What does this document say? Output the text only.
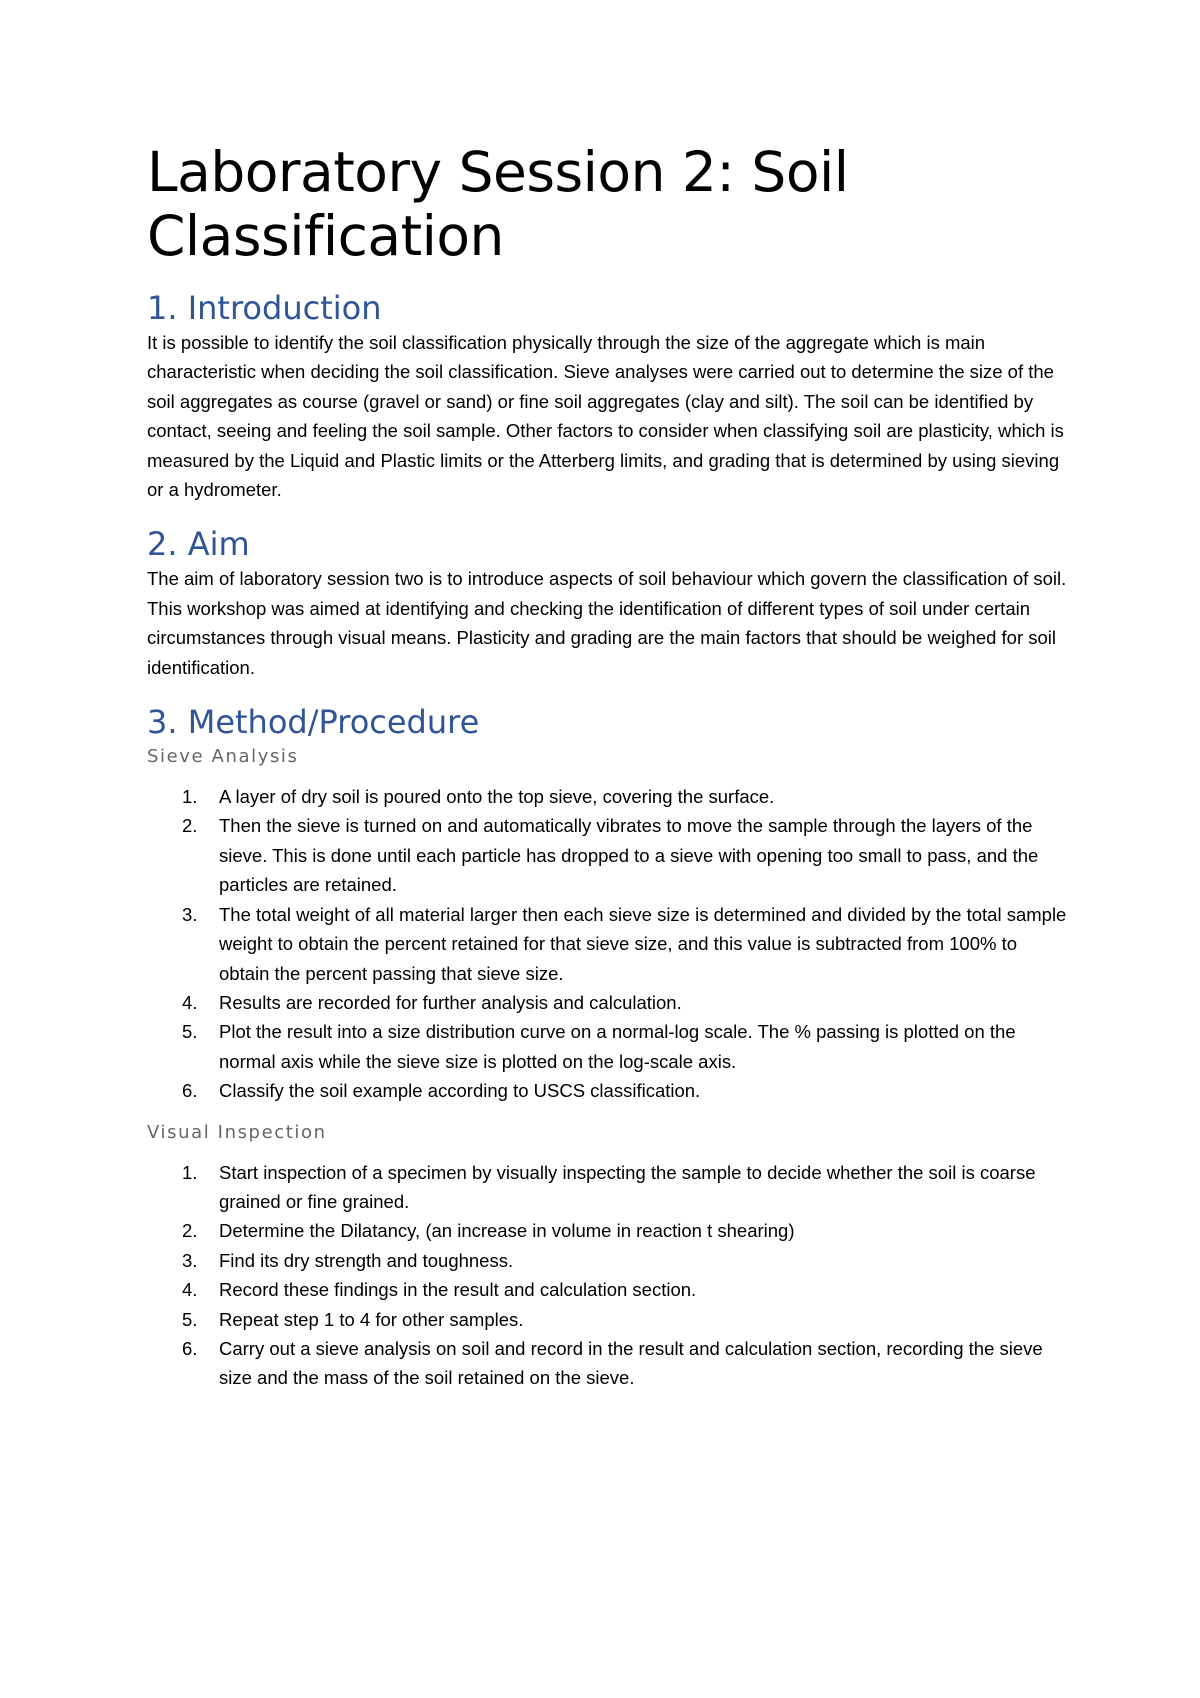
Laboratory Session 2: Soil Classification
1. Introduction

It is possible to identify the soil classification physically through the size of the aggregate which is main characteristic when deciding the soil classification. Sieve analyses were carried out to determine the size of the soil aggregates as course (gravel or sand) or fine soil aggregates (clay and silt). The soil can be identified by contact, seeing and feeling the soil sample. Other factors to consider when classifying soil are plasticity, which is measured by the Liquid and Plastic limits or the Atterberg limits, and grading that is determined by using sieving or a hydrometer.

2. Aim

The aim of laboratory session two is to introduce aspects of soil behaviour which govern the classification of soil. This workshop was aimed at identifying and checking the identification of different types of soil under certain circumstances through visual means. Plasticity and grading are the main factors that should be weighed for soil identification.

3. Method/Procedure
Sieve Analysis
1. A layer of dry soil is poured onto the top sieve, covering the surface.
2. Then the sieve is turned on and automatically vibrates to move the sample through the layers of the sieve. This is done until each particle has dropped to a sieve with opening too small to pass, and the particles are retained.
3. The total weight of all material larger then each sieve size is determined and divided by the total sample weight to obtain the percent retained for that sieve size, and this value is subtracted from 100% to obtain the percent passing that sieve size.
4. Results are recorded for further analysis and calculation.
5. Plot the result into a size distribution curve on a normal-log scale. The % passing is plotted on the normal axis while the sieve size is plotted on the log-scale axis.
6. Classify the soil example according to USCS classification.
Visual Inspection
1. Start inspection of a specimen by visually inspecting the sample to decide whether the soil is coarse grained or fine grained.
2. Determine the Dilatancy, (an increase in volume in reaction t shearing)
3. Find its dry strength and toughness.
4. Record these findings in the result and calculation section.
5. Repeat step 1 to 4 for other samples.
6. Carry out a sieve analysis on soil and record in the result and calculation section, recording the sieve size and the mass of the soil retained on the sieve.
